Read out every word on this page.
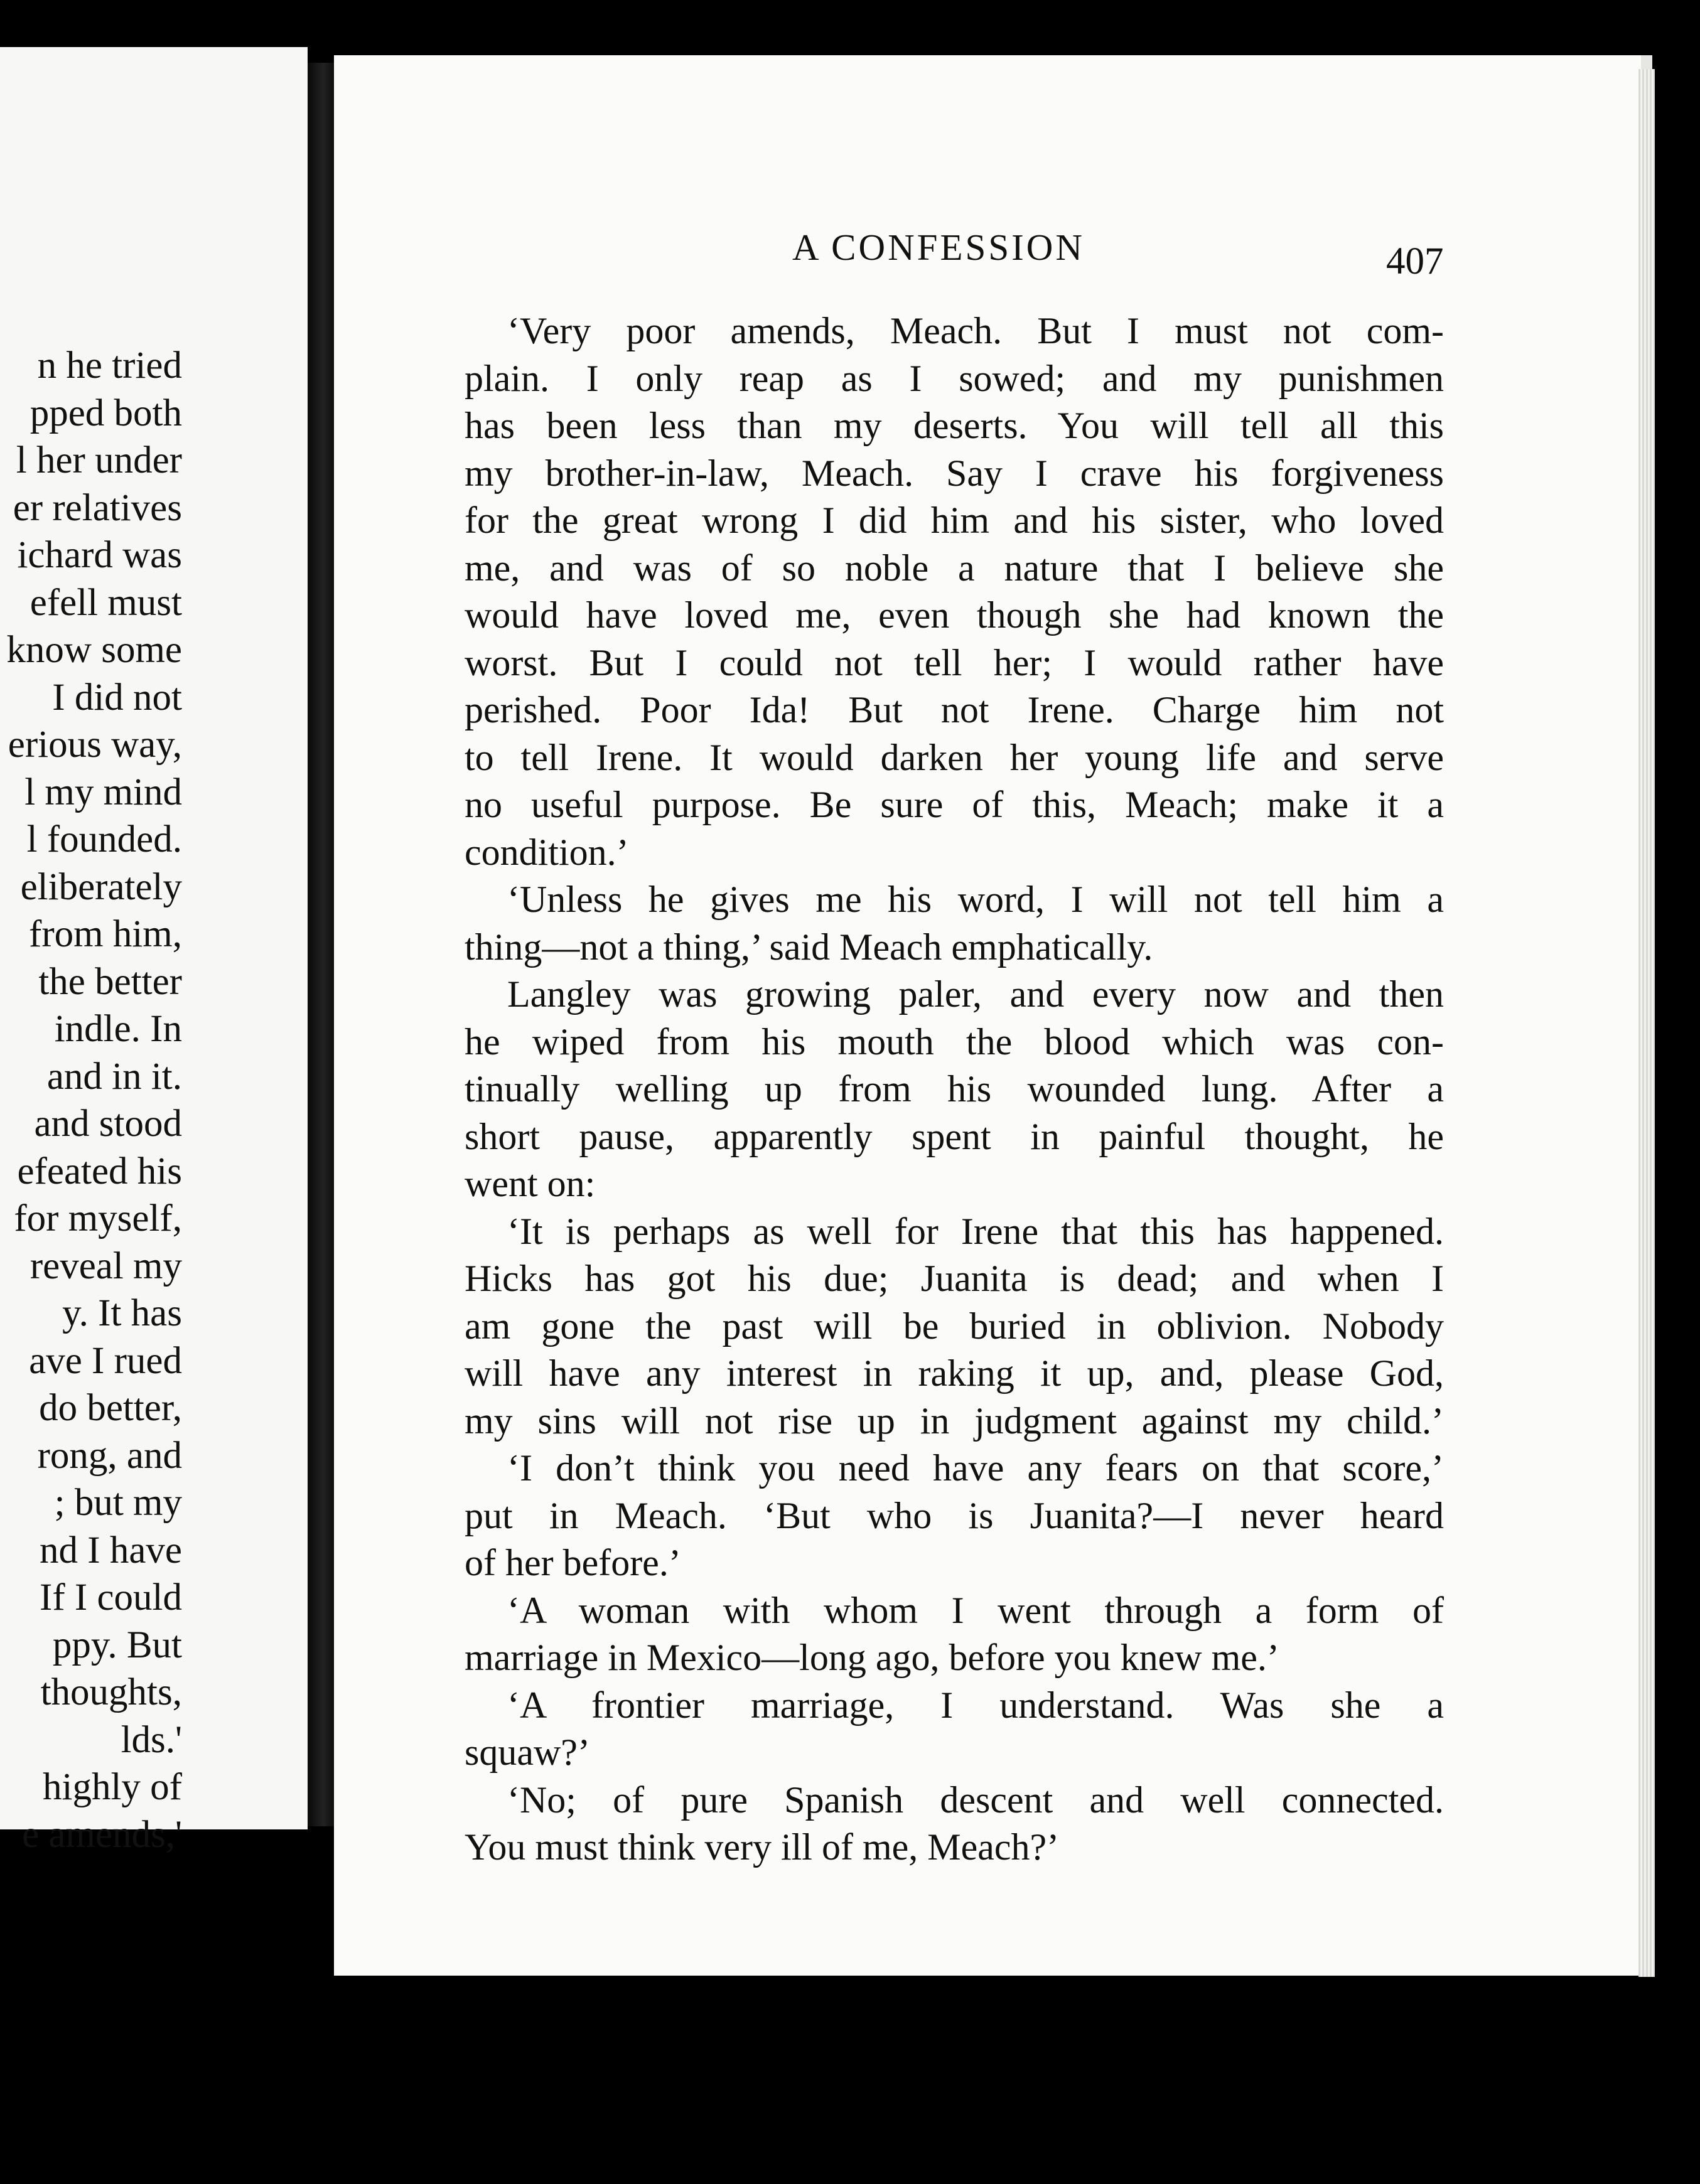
n he tried
pped both
l her under
er relatives
ichard was
efell must
know some
I did not
erious way,
l my mind
l founded.
eliberately
from him,
the better
indle. In
and in it.
and stood
efeated his
for myself,
reveal my
y. It has
ave I rued
do better,
rong, and
; but my
nd I have
If I could
ppy. But
thoughts,
lds.'
highly of
e amends,'
A CONFESSION	407
‘Very poor amends, Meach. But I must not com-
plain. I only reap as I sowed; and my punishmen
has been less than my deserts. You will tell all this
my brother-in-law, Meach. Say I crave his forgiveness
for the great wrong I did him and his sister, who loved
me, and was of so noble a nature that I believe she
would have loved me, even though she had known the
worst. But I could not tell her; I would rather have
perished. Poor Ida! But not Irene. Charge him not
to tell Irene. It would darken her young life and serve
no useful purpose. Be sure of this, Meach; make it a
condition.’
‘Unless he gives me his word, I will not tell him a
thing—not a thing,’ said Meach emphatically.
Langley was growing paler, and every now and then
he wiped from his mouth the blood which was con-
tinually welling up from his wounded lung. After a
short pause, apparently spent in painful thought, he
went on:
‘It is perhaps as well for Irene that this has happened.
Hicks has got his due; Juanita is dead; and when I
am gone the past will be buried in oblivion. Nobody
will have any interest in raking it up, and, please God,
my sins will not rise up in judgment against my child.’
‘I don’t think you need have any fears on that score,’
put in Meach. ‘But who is Juanita?—I never heard
of her before.’
‘A woman with whom I went through a form of
marriage in Mexico—long ago, before you knew me.’
‘A frontier marriage, I understand. Was she a
squaw?’
‘No; of pure Spanish descent and well connected.
You must think very ill of me, Meach?’
